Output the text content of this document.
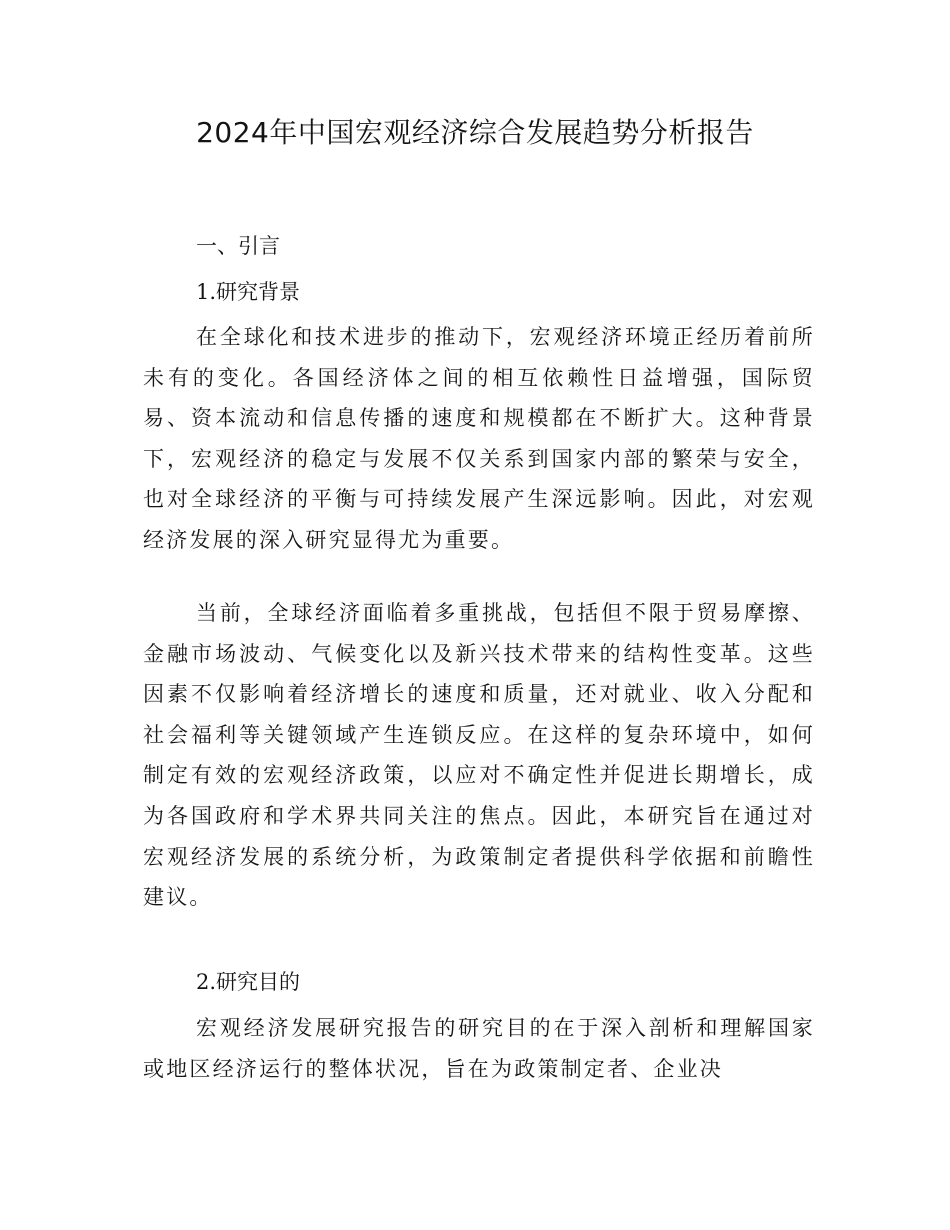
2024年中国宏观经济综合发展趋势分析报告
一、引言
1.研究背景

在全球化和技术进步的推动下，宏观经济环境正经历着前所未有的变化。各国经济体之间的相互依赖性日益增强，国际贸易、资本流动和信息传播的速度和规模都在不断扩大。这种背景下，宏观经济的稳定与发展不仅关系到国家内部的繁荣与安全，也对全球经济的平衡与可持续发展产生深远影响。因此，对宏观经济发展的深入研究显得尤为重要。

当前，全球经济面临着多重挑战，包括但不限于贸易摩擦、金融市场波动、气候变化以及新兴技术带来的结构性变革。这些因素不仅影响着经济增长的速度和质量，还对就业、收入分配和社会福利等关键领域产生连锁反应。在这样的复杂环境中，如何制定有效的宏观经济政策，以应对不确定性并促进长期增长，成为各国政府和学术界共同关注的焦点。因此，本研究旨在通过对宏观经济发展的系统分析，为政策制定者提供科学依据和前瞻性建议。

2.研究目的

宏观经济发展研究报告的研究目的在于深入剖析和理解国家或地区经济运行的整体状况，旨在为政策制定者、企业决
